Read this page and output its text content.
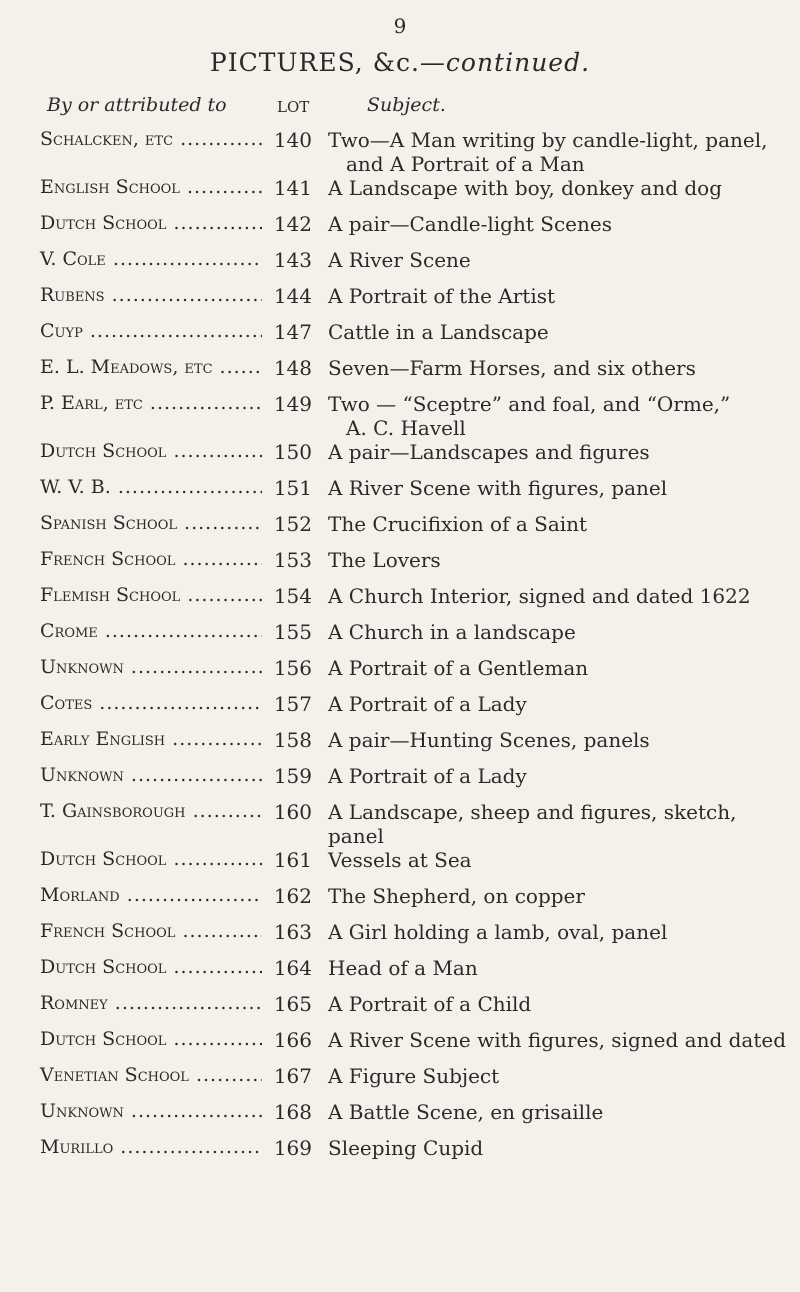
9
PICTURES, &c.—continued.
By or attributed to	LOT	Subject.
Schalcken, etc .....	140 Two—A Man writing by candle-light, panel,
and A Portrait of a Man
English School .....	141 A Landscape with boy, donkey and dog
Dutch School .....	142 A pair—Candle-light Scenes
V. Cole .....	143 A River Scene
Rubens .....	144 A Portrait of the Artist
Cuyp .....	147 Cattle in a Landscape
E. L. Meadows, etc .....	148 Seven—Farm Horses, and six others
P. Earl, etc .....	149 Two — “Sceptre” and foal, and “Orme,”
A. C. Havell
Dutch School .....	150 A pair—Landscapes and figures
W. V. B. .....	151 A River Scene with figures, panel
Spanish School .....	152 The Crucifixion of a Saint
French School .....	153 The Lovers
Flemish School .....	154 A Church Interior, signed and dated 1622
Crome .....	155 A Church in a landscape
Unknown .....	156 A Portrait of a Gentleman
Cotes .....	157 A Portrait of a Lady
Early English .....	158 A pair—Hunting Scenes, panels
Unknown .....	159 A Portrait of a Lady
T. Gainsborough .....	160 A Landscape, sheep and figures, sketch, panel
Dutch School .....	161 Vessels at Sea
Morland .....	162 The Shepherd, on copper
French School .....	163 A Girl holding a lamb, oval, panel
Dutch School .....	164 Head of a Man
Romney .....	165 A Portrait of a Child
Dutch School .....	166 A River Scene with figures, signed and dated
Venetian School .....	167 A Figure Subject
Unknown .....	168 A Battle Scene, en grisaille
Murillo .....	169 Sleeping Cupid
